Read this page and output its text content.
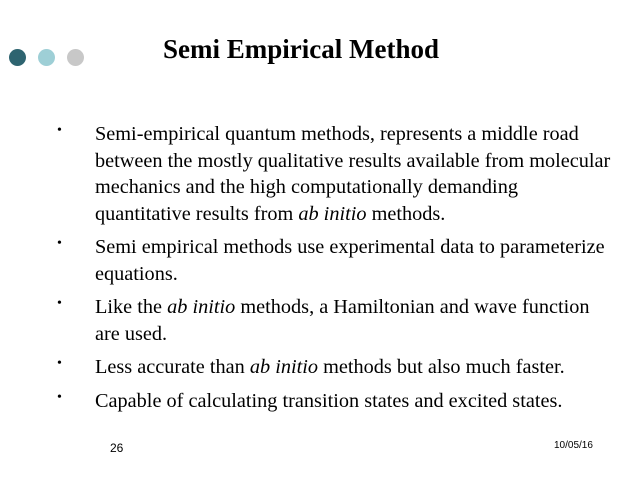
Semi Empirical Method
• Semi-empirical quantum methods, represents a middle road between the mostly qualitative results available from molecular mechanics and the high computationally demanding quantitative results from ab initio methods.
• Semi empirical methods use experimental data to parameterize equations.
• Like the ab initio methods, a Hamiltonian and wave function are used.
• Less accurate than ab initio methods but also much faster.
• Capable of calculating transition states and excited states.
26	10/05/16
